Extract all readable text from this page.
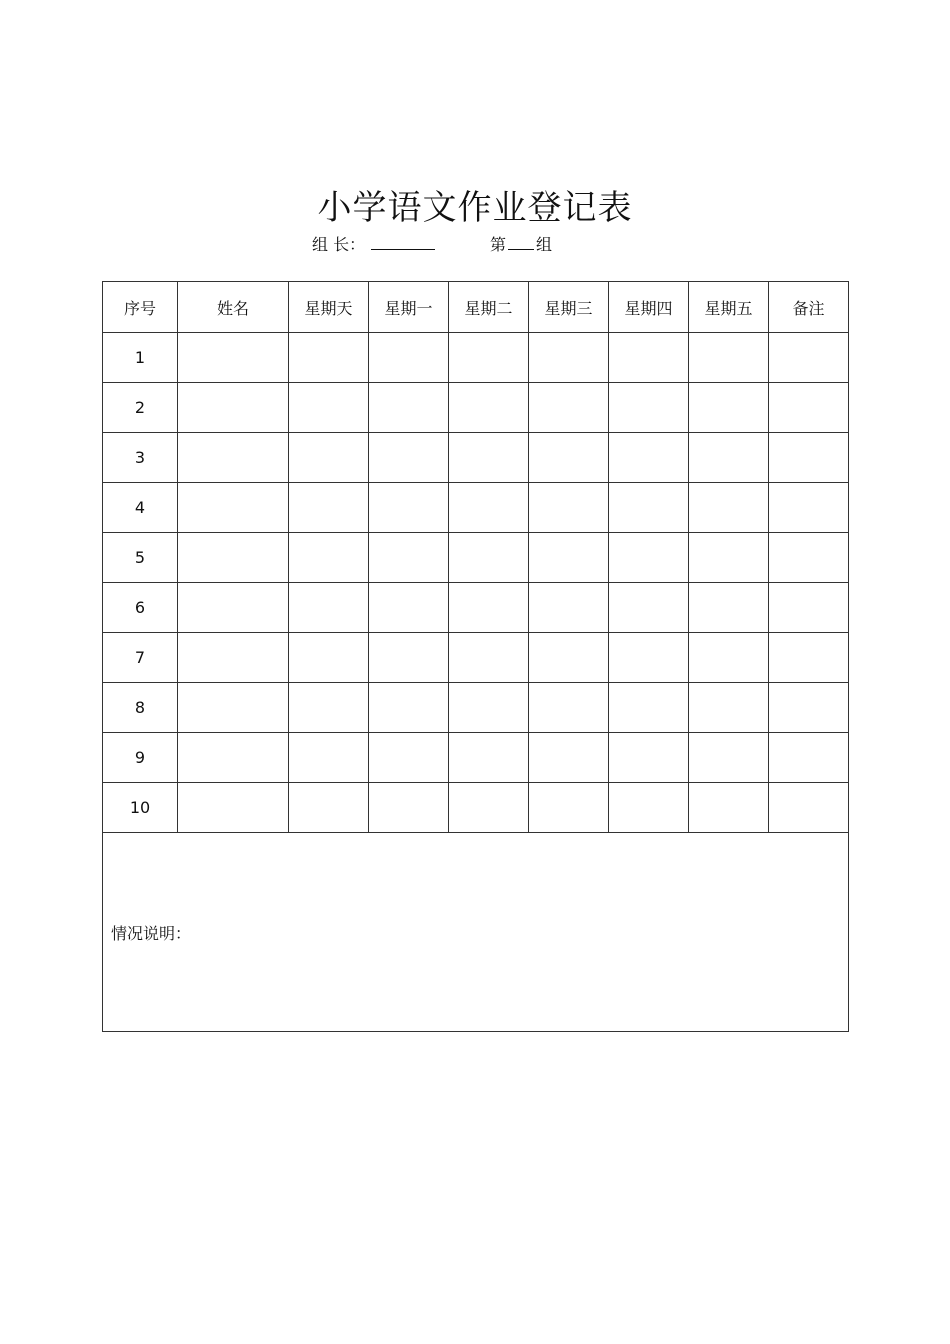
小学语文作业登记表
组 长：	第 组
序号	姓名	星期天	星期一	星期二	星期三	星期四	星期五	备注
1								
2								
3								
4								
5								
6								
7								
8								
9								
10								
情况说明：								
